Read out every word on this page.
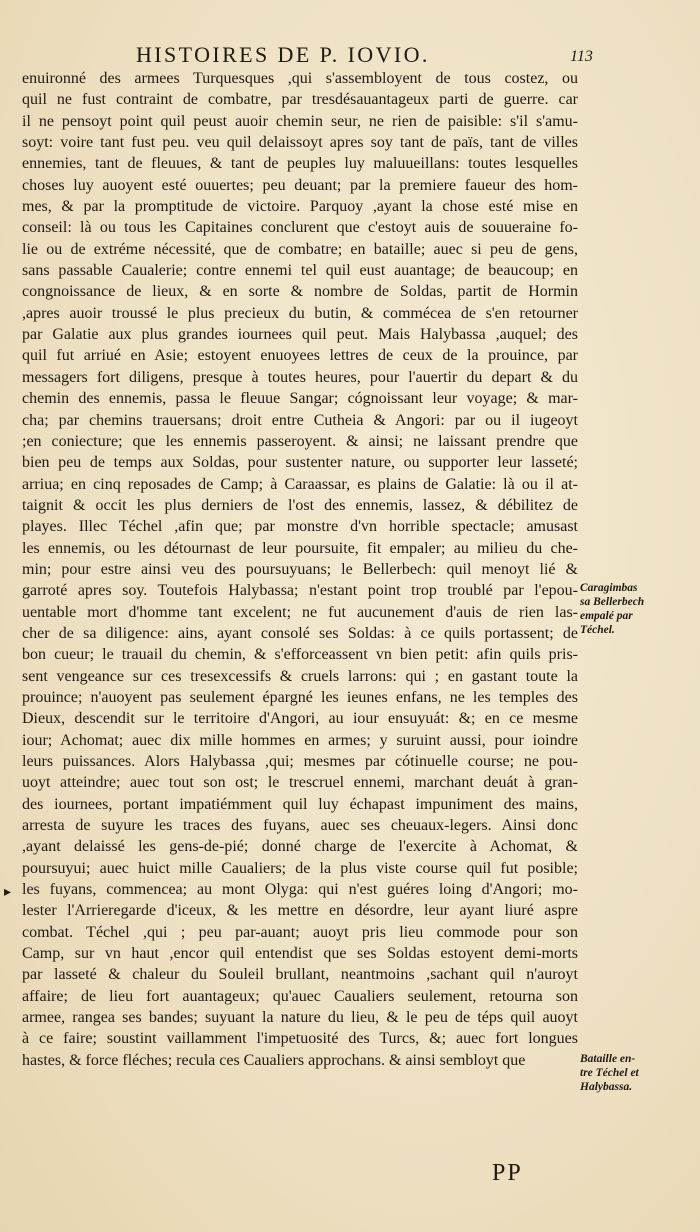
HISTOIRES DE P. IOVIO.	113
enuironné des armees Turquesques ,qui s'assembloyent de tous costez, ou
quil ne fust contraint de combatre, par tresdésauantageux parti de guerre. car
il ne pensoyt point quil peust auoir chemin seur, ne rien de paisible: s'il s'amu-
soyt: voire tant fust peu. veu quil delaissoyt apres soy tant de païs, tant de villes
ennemies, tant de fleuues, & tant de peuples luy maluueillans: toutes lesquelles
choses luy auoyent esté ouuertes; peu deuant; par la premiere faueur des hom-
mes, & par la promptitude de victoire. Parquoy ,ayant la chose esté mise en
conseil: là ou tous les Capitaines conclurent que c'estoyt auis de souueraine fo-
lie ou de extréme nécessité, que de combatre; en bataille; auec si peu de gens,
sans passable Caualerie; contre ennemi tel quil eust auantage; de beaucoup; en
congnoissance de lieux, & en sorte & nombre de Soldas, partit de Hormin
,apres auoir troussé le plus precieux du butin, & commécea de s'en retourner
par Galatie aux plus grandes iournees quil peut. Mais Halybassa ,auquel; des
quil fut arriué en Asie; estoyent enuoyees lettres de ceux de la prouince, par
messagers fort diligens, presque à toutes heures, pour l'auertir du depart & du
chemin des ennemis, passa le fleuue Sangar; cógnoissant leur voyage; & mar-
cha; par chemins trauersans; droit entre Cutheia & Angori: par ou il iugeoyt
;en coniecture; que les ennemis passeroyent. & ainsi; ne laissant prendre que
bien peu de temps aux Soldas, pour sustenter nature, ou supporter leur lasseté;
arriua; en cinq reposades de Camp; à Caraassar, es plains de Galatie: là ou il at-
taignit & occit les plus derniers de l'ost des ennemis, lassez, & débilitez de
playes. Illec Téchel ,afin que; par monstre d'vn horrible spectacle; amusast
les ennemis, ou les détournast de leur poursuite, fit empaler; au milieu du che-
min; pour estre ainsi veu des poursuyuans; le Bellerbech: quil menoyt lié &
garroté apres soy. Toutefois Halybassa; n'estant point trop troublé par l'epou-
uentable mort d'homme tant excelent; ne fut aucunement d'auis de rien las-
cher de sa diligence: ains, ayant consolé ses Soldas: à ce quils portassent; de
bon cueur; le trauail du chemin, & s'efforceassent vn bien petit: afin quils pris-
sent vengeance sur ces tresexcessifs & cruels larrons: qui ; en gastant toute la
prouince; n'auoyent pas seulement épargné les ieunes enfans, ne les temples des
Dieux, descendit sur le territoire d'Angori, au iour ensuyuát: &; en ce mesme
iour; Achomat; auec dix mille hommes en armes; y suruint aussi, pour ioindre
leurs puissances. Alors Halybassa ,qui; mesmes par cótinuelle course; ne pou-
uoyt atteindre; auec tout son ost; le trescruel ennemi, marchant deuát à gran-
des iournees, portant impatiémment quil luy échapast impuniment des mains,
arresta de suyure les traces des fuyans, auec ses cheuaux-legers. Ainsi donc
,ayant delaissé les gens-de-pié; donné charge de l'exercite à Achomat, &
poursuyui; auec huict mille Caualiers; de la plus viste course quil fut posible;
les fuyans, commencea; au mont Olyga: qui n'est guéres loing d'Angori; mo-
lester l'Arrieregarde d'iceux, & les mettre en désordre, leur ayant liuré aspre
combat. Téchel ,qui ; peu par-auant; auoyt pris lieu commode pour son
Camp, sur vn haut ,encor quil entendist que ses Soldas estoyent demi-morts
par lasseté & chaleur du Souleil brullant, neantmoins ,sachant quil n'auroyt
affaire; de lieu fort auantageux; qu'auec Caualiers seulement, retourna son
armee, rangea ses bandes; suyuant la nature du lieu, & le peu de téps quil auoyt
à ce faire; soustint vaillamment l'impetuosité des Turcs, &; auec fort longues
hastes, & force fléches; recula ces Caualiers approchans. & ainsi sembloyt que
Caragimbas
sa Bellerbech
empalé par
Téchel.
Bataille en-
tre Téchel et
Halybassa.
▸
PP
